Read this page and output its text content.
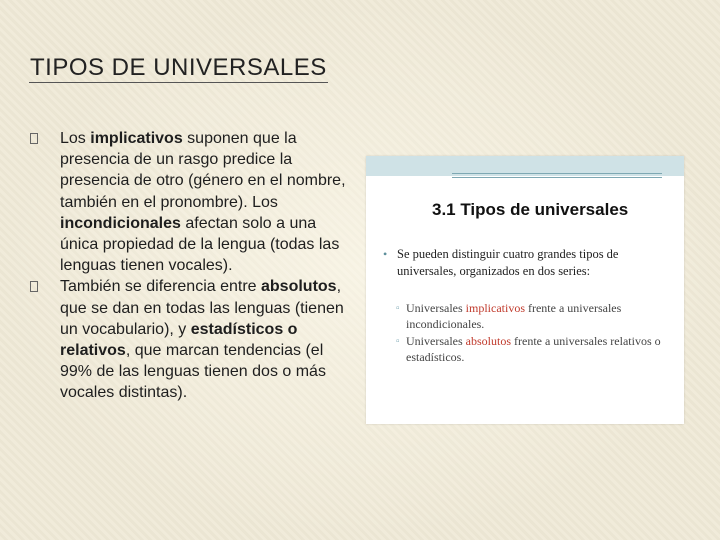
TIPOS DE UNIVERSALES
Los implicativos suponen que la presencia de un rasgo predice la presencia de otro (género en el nombre, también en el pronombre). Los incondicionales afectan solo a una única propiedad de la lengua (todas las lenguas tienen vocales).
También se diferencia entre absolutos, que se dan en todas las lenguas (tienen un vocabulario), y estadísticos o relativos, que marcan tendencias (el 99% de las lenguas tienen dos o más vocales distintas).
3.1 Tipos de universales
• Se pueden distinguir cuatro grandes tipos de universales, organizados en dos series:
▫ Universales implicativos frente a universales incondicionales.
▫ Universales absolutos frente a universales relativos o estadísticos.
